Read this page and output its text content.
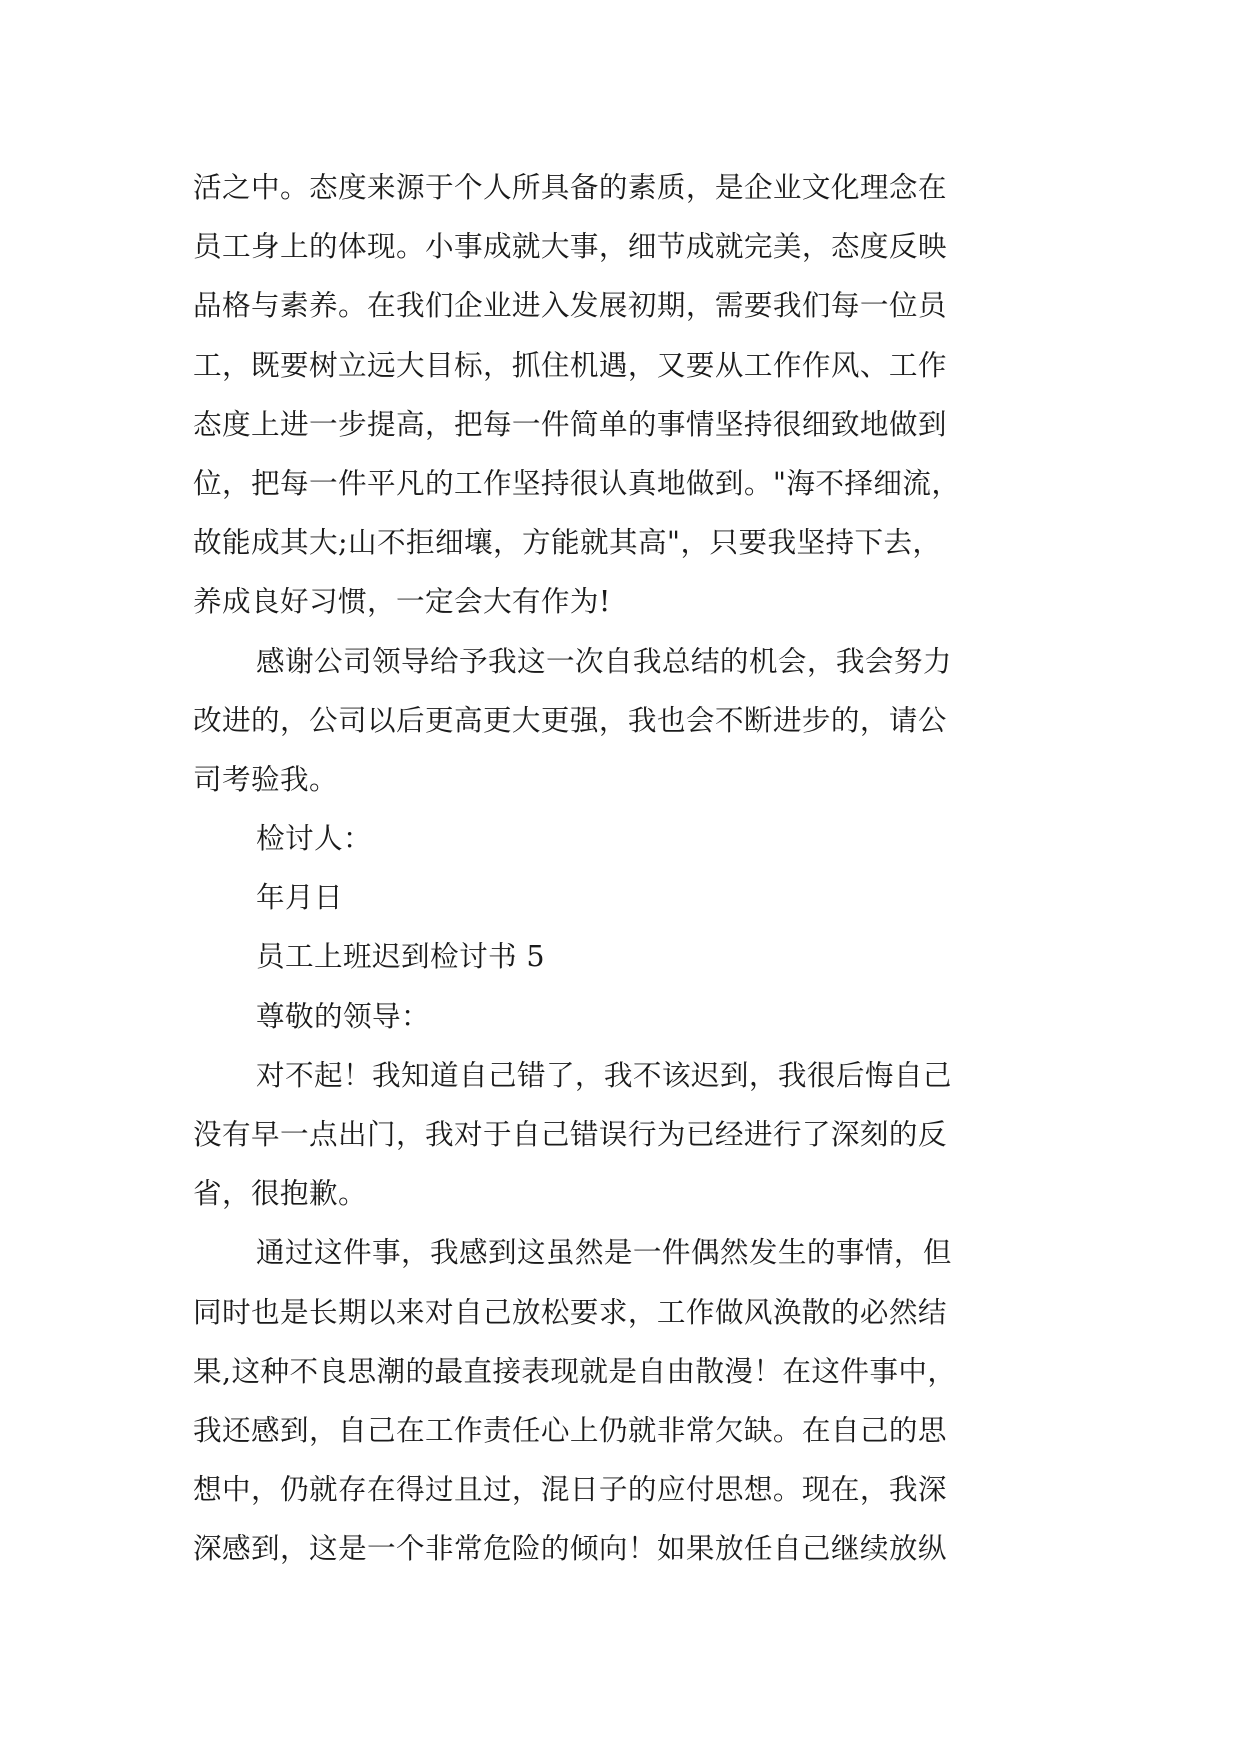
活之中。态度来源于个人所具备的素质，是企业文化理念在
员工身上的体现。小事成就大事，细节成就完美，态度反映
品格与素养。在我们企业进入发展初期，需要我们每一位员
工，既要树立远大目标，抓住机遇，又要从工作作风、工作
态度上进一步提高，把每一件简单的事情坚持很细致地做到
位，把每一件平凡的工作坚持很认真地做到。"海不择细流，
故能成其大;山不拒细壤，方能就其高"，只要我坚持下去，
养成良好习惯，一定会大有作为!
感谢公司领导给予我这一次自我总结的机会，我会努力
改进的，公司以后更高更大更强，我也会不断进步的，请公
司考验我。
检讨人：
年月日
员工上班迟到检讨书 5
尊敬的领导：
对不起！我知道自己错了，我不该迟到，我很后悔自己
没有早一点出门，我对于自己错误行为已经进行了深刻的反
省，很抱歉。
通过这件事，我感到这虽然是一件偶然发生的事情，但
同时也是长期以来对自己放松要求，工作做风涣散的必然结
果,这种不良思潮的最直接表现就是自由散漫！在这件事中，
我还感到，自己在工作责任心上仍就非常欠缺。在自己的思
想中，仍就存在得过且过，混日子的应付思想。现在，我深
深感到，这是一个非常危险的倾向！如果放任自己继续放纵
